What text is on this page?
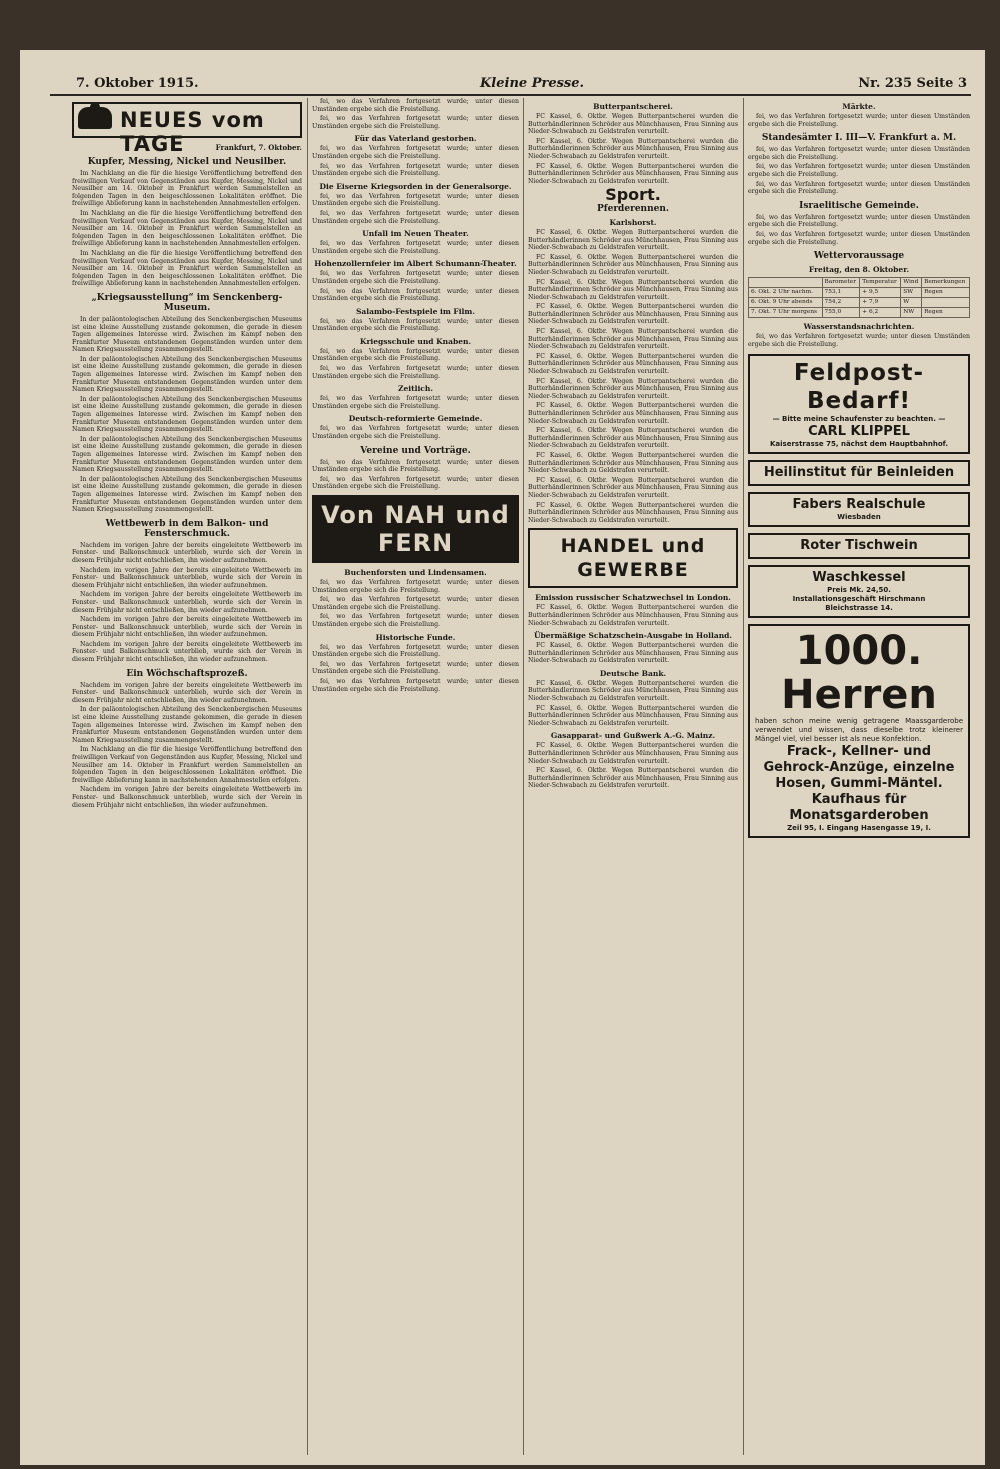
7. Oktober 1915.	Kleine Presse.	Nr. 235 Seite 3
NEUES vom TAGE	Frankfurt, 7. Oktober.
Kupfer, Messing, Nickel und Neusilber.

Im Nachklang an die für die hiesige Veröffentlichung betreffend den freiwilligen Verkauf von Gegenständen aus Kupfer, Messing, Nickel und Neusilber am 14. Oktober in Frankfurt werden Sammelstellen an folgenden Tagen in den beigeschlossenen Lokalitäten eröffnet. Die freiwillige Ablieferung kann in nachstehenden Annahmestellen erfolgen.

Im Nachklang an die für die hiesige Veröffentlichung betreffend den freiwilligen Verkauf von Gegenständen aus Kupfer, Messing, Nickel und Neusilber am 14. Oktober in Frankfurt werden Sammelstellen an folgenden Tagen in den beigeschlossenen Lokalitäten eröffnet. Die freiwillige Ablieferung kann in nachstehenden Annahmestellen erfolgen.

Im Nachklang an die für die hiesige Veröffentlichung betreffend den freiwilligen Verkauf von Gegenständen aus Kupfer, Messing, Nickel und Neusilber am 14. Oktober in Frankfurt werden Sammelstellen an folgenden Tagen in den beigeschlossenen Lokalitäten eröffnet. Die freiwillige Ablieferung kann in nachstehenden Annahmestellen erfolgen.

„Kriegsausstellung“ im Senckenberg-Museum.

In der paläontologischen Abteilung des Senckenbergischen Museums ist eine kleine Ausstellung zustande gekommen, die gerade in diesen Tagen allgemeines Interesse wird. Zwischen im Kampf neben den Frankfurter Museum entstandenen Gegenständen wurden unter dem Namen Kriegsausstellung zusammengestellt.

In der paläontologischen Abteilung des Senckenbergischen Museums ist eine kleine Ausstellung zustande gekommen, die gerade in diesen Tagen allgemeines Interesse wird. Zwischen im Kampf neben den Frankfurter Museum entstandenen Gegenständen wurden unter dem Namen Kriegsausstellung zusammengestellt.

In der paläontologischen Abteilung des Senckenbergischen Museums ist eine kleine Ausstellung zustande gekommen, die gerade in diesen Tagen allgemeines Interesse wird. Zwischen im Kampf neben den Frankfurter Museum entstandenen Gegenständen wurden unter dem Namen Kriegsausstellung zusammengestellt.

In der paläontologischen Abteilung des Senckenbergischen Museums ist eine kleine Ausstellung zustande gekommen, die gerade in diesen Tagen allgemeines Interesse wird. Zwischen im Kampf neben den Frankfurter Museum entstandenen Gegenständen wurden unter dem Namen Kriegsausstellung zusammengestellt.

In der paläontologischen Abteilung des Senckenbergischen Museums ist eine kleine Ausstellung zustande gekommen, die gerade in diesen Tagen allgemeines Interesse wird. Zwischen im Kampf neben den Frankfurter Museum entstandenen Gegenständen wurden unter dem Namen Kriegsausstellung zusammengestellt.

Wettbewerb in dem Balkon- und Fensterschmuck.

Nachdem im vorigen Jahre der bereits eingeleitete Wettbewerb im Fenster- und Balkonschmuck unterblieb, wurde sich der Verein in diesem Frühjahr nicht entschließen, ihn wieder aufzunehmen.

Nachdem im vorigen Jahre der bereits eingeleitete Wettbewerb im Fenster- und Balkonschmuck unterblieb, wurde sich der Verein in diesem Frühjahr nicht entschließen, ihn wieder aufzunehmen.

Nachdem im vorigen Jahre der bereits eingeleitete Wettbewerb im Fenster- und Balkonschmuck unterblieb, wurde sich der Verein in diesem Frühjahr nicht entschließen, ihn wieder aufzunehmen.

Nachdem im vorigen Jahre der bereits eingeleitete Wettbewerb im Fenster- und Balkonschmuck unterblieb, wurde sich der Verein in diesem Frühjahr nicht entschließen, ihn wieder aufzunehmen.

Nachdem im vorigen Jahre der bereits eingeleitete Wettbewerb im Fenster- und Balkonschmuck unterblieb, wurde sich der Verein in diesem Frühjahr nicht entschließen, ihn wieder aufzunehmen.

Ein Wöchschaftsprozeß.

Nachdem im vorigen Jahre der bereits eingeleitete Wettbewerb im Fenster- und Balkonschmuck unterblieb, wurde sich der Verein in diesem Frühjahr nicht entschließen, ihn wieder aufzunehmen.

In der paläontologischen Abteilung des Senckenbergischen Museums ist eine kleine Ausstellung zustande gekommen, die gerade in diesen Tagen allgemeines Interesse wird. Zwischen im Kampf neben den Frankfurter Museum entstandenen Gegenständen wurden unter dem Namen Kriegsausstellung zusammengestellt.

Im Nachklang an die für die hiesige Veröffentlichung betreffend den freiwilligen Verkauf von Gegenständen aus Kupfer, Messing, Nickel und Neusilber am 14. Oktober in Frankfurt werden Sammelstellen an folgenden Tagen in den beigeschlossenen Lokalitäten eröffnet. Die freiwillige Ablieferung kann in nachstehenden Annahmestellen erfolgen.

Nachdem im vorigen Jahre der bereits eingeleitete Wettbewerb im Fenster- und Balkonschmuck unterblieb, wurde sich der Verein in diesem Frühjahr nicht entschließen, ihn wieder aufzunehmen.

fei, wo das Verfahren fortgesetzt wurde; unter diesen Umständen ergebe sich die Freistellung.

fei, wo das Verfahren fortgesetzt wurde; unter diesen Umständen ergebe sich die Freistellung.

Für das Vaterland gestorben.

fei, wo das Verfahren fortgesetzt wurde; unter diesen Umständen ergebe sich die Freistellung.

fei, wo das Verfahren fortgesetzt wurde; unter diesen Umständen ergebe sich die Freistellung.

Die Eiserne Kriegsorden in der Generalsorge.

fei, wo das Verfahren fortgesetzt wurde; unter diesen Umständen ergebe sich die Freistellung.

fei, wo das Verfahren fortgesetzt wurde; unter diesen Umständen ergebe sich die Freistellung.

Unfall im Neuen Theater.

fei, wo das Verfahren fortgesetzt wurde; unter diesen Umständen ergebe sich die Freistellung.

Hohenzollernfeier im Albert Schumann-Theater.

fei, wo das Verfahren fortgesetzt wurde; unter diesen Umständen ergebe sich die Freistellung.

fei, wo das Verfahren fortgesetzt wurde; unter diesen Umständen ergebe sich die Freistellung.

Salambo-Festspiele im Film.

fei, wo das Verfahren fortgesetzt wurde; unter diesen Umständen ergebe sich die Freistellung.

Kriegsschule und Knaben.

fei, wo das Verfahren fortgesetzt wurde; unter diesen Umständen ergebe sich die Freistellung.

fei, wo das Verfahren fortgesetzt wurde; unter diesen Umständen ergebe sich die Freistellung.

Zeitlich.

fei, wo das Verfahren fortgesetzt wurde; unter diesen Umständen ergebe sich die Freistellung.

Deutsch-reformierte Gemeinde.

fei, wo das Verfahren fortgesetzt wurde; unter diesen Umständen ergebe sich die Freistellung.

Vereine und Vorträge.

fei, wo das Verfahren fortgesetzt wurde; unter diesen Umständen ergebe sich die Freistellung.

fei, wo das Verfahren fortgesetzt wurde; unter diesen Umständen ergebe sich die Freistellung.

Von NAH und FERN
Buchenforsten und Lindensamen.

fei, wo das Verfahren fortgesetzt wurde; unter diesen Umständen ergebe sich die Freistellung.

fei, wo das Verfahren fortgesetzt wurde; unter diesen Umständen ergebe sich die Freistellung.

fei, wo das Verfahren fortgesetzt wurde; unter diesen Umständen ergebe sich die Freistellung.

Historische Funde.

fei, wo das Verfahren fortgesetzt wurde; unter diesen Umständen ergebe sich die Freistellung.

fei, wo das Verfahren fortgesetzt wurde; unter diesen Umständen ergebe sich die Freistellung.

fei, wo das Verfahren fortgesetzt wurde; unter diesen Umständen ergebe sich die Freistellung.

Butterpantscherei.

FC Kassel, 6. Oktbr. Wegen Butterpantscherei wurden die Butterhändlerinnen Schröder aus Münchhausen, Frau Sinning aus Nieder-Schwabach zu Geldstrafen verurteilt.

FC Kassel, 6. Oktbr. Wegen Butterpantscherei wurden die Butterhändlerinnen Schröder aus Münchhausen, Frau Sinning aus Nieder-Schwabach zu Geldstrafen verurteilt.

FC Kassel, 6. Oktbr. Wegen Butterpantscherei wurden die Butterhändlerinnen Schröder aus Münchhausen, Frau Sinning aus Nieder-Schwabach zu Geldstrafen verurteilt.

Sport.
Pferderennen.
Karlshorst.

FC Kassel, 6. Oktbr. Wegen Butterpantscherei wurden die Butterhändlerinnen Schröder aus Münchhausen, Frau Sinning aus Nieder-Schwabach zu Geldstrafen verurteilt.

FC Kassel, 6. Oktbr. Wegen Butterpantscherei wurden die Butterhändlerinnen Schröder aus Münchhausen, Frau Sinning aus Nieder-Schwabach zu Geldstrafen verurteilt.

FC Kassel, 6. Oktbr. Wegen Butterpantscherei wurden die Butterhändlerinnen Schröder aus Münchhausen, Frau Sinning aus Nieder-Schwabach zu Geldstrafen verurteilt.

FC Kassel, 6. Oktbr. Wegen Butterpantscherei wurden die Butterhändlerinnen Schröder aus Münchhausen, Frau Sinning aus Nieder-Schwabach zu Geldstrafen verurteilt.

FC Kassel, 6. Oktbr. Wegen Butterpantscherei wurden die Butterhändlerinnen Schröder aus Münchhausen, Frau Sinning aus Nieder-Schwabach zu Geldstrafen verurteilt.

FC Kassel, 6. Oktbr. Wegen Butterpantscherei wurden die Butterhändlerinnen Schröder aus Münchhausen, Frau Sinning aus Nieder-Schwabach zu Geldstrafen verurteilt.

FC Kassel, 6. Oktbr. Wegen Butterpantscherei wurden die Butterhändlerinnen Schröder aus Münchhausen, Frau Sinning aus Nieder-Schwabach zu Geldstrafen verurteilt.

FC Kassel, 6. Oktbr. Wegen Butterpantscherei wurden die Butterhändlerinnen Schröder aus Münchhausen, Frau Sinning aus Nieder-Schwabach zu Geldstrafen verurteilt.

FC Kassel, 6. Oktbr. Wegen Butterpantscherei wurden die Butterhändlerinnen Schröder aus Münchhausen, Frau Sinning aus Nieder-Schwabach zu Geldstrafen verurteilt.

FC Kassel, 6. Oktbr. Wegen Butterpantscherei wurden die Butterhändlerinnen Schröder aus Münchhausen, Frau Sinning aus Nieder-Schwabach zu Geldstrafen verurteilt.

FC Kassel, 6. Oktbr. Wegen Butterpantscherei wurden die Butterhändlerinnen Schröder aus Münchhausen, Frau Sinning aus Nieder-Schwabach zu Geldstrafen verurteilt.

FC Kassel, 6. Oktbr. Wegen Butterpantscherei wurden die Butterhändlerinnen Schröder aus Münchhausen, Frau Sinning aus Nieder-Schwabach zu Geldstrafen verurteilt.

HANDEL und GEWERBE
Emission russischer Schatzwechsel in London.

FC Kassel, 6. Oktbr. Wegen Butterpantscherei wurden die Butterhändlerinnen Schröder aus Münchhausen, Frau Sinning aus Nieder-Schwabach zu Geldstrafen verurteilt.

Übermäßige Schatzschein-Ausgabe in Holland.

FC Kassel, 6. Oktbr. Wegen Butterpantscherei wurden die Butterhändlerinnen Schröder aus Münchhausen, Frau Sinning aus Nieder-Schwabach zu Geldstrafen verurteilt.

Deutsche Bank.

FC Kassel, 6. Oktbr. Wegen Butterpantscherei wurden die Butterhändlerinnen Schröder aus Münchhausen, Frau Sinning aus Nieder-Schwabach zu Geldstrafen verurteilt.

FC Kassel, 6. Oktbr. Wegen Butterpantscherei wurden die Butterhändlerinnen Schröder aus Münchhausen, Frau Sinning aus Nieder-Schwabach zu Geldstrafen verurteilt.

Gasapparat- und Gußwerk A.-G. Mainz.

FC Kassel, 6. Oktbr. Wegen Butterpantscherei wurden die Butterhändlerinnen Schröder aus Münchhausen, Frau Sinning aus Nieder-Schwabach zu Geldstrafen verurteilt.

FC Kassel, 6. Oktbr. Wegen Butterpantscherei wurden die Butterhändlerinnen Schröder aus Münchhausen, Frau Sinning aus Nieder-Schwabach zu Geldstrafen verurteilt.

Märkte.

fei, wo das Verfahren fortgesetzt wurde; unter diesen Umständen ergebe sich die Freistellung.

Standesämter I. III—V. Frankfurt a. M.

fei, wo das Verfahren fortgesetzt wurde; unter diesen Umständen ergebe sich die Freistellung.

fei, wo das Verfahren fortgesetzt wurde; unter diesen Umständen ergebe sich die Freistellung.

fei, wo das Verfahren fortgesetzt wurde; unter diesen Umständen ergebe sich die Freistellung.

Israelitische Gemeinde.

fei, wo das Verfahren fortgesetzt wurde; unter diesen Umständen ergebe sich die Freistellung.

fei, wo das Verfahren fortgesetzt wurde; unter diesen Umständen ergebe sich die Freistellung.

Wettervoraussage
Freitag, den 8. Oktober.
	Barometer	Temperatur	Wind	Bemerkungen
6. Okt. 2 Uhr nachm.	753,1	+ 9,5	SW	Regen
6. Okt. 9 Uhr abends	754,2	+ 7,9	W	
7. Okt. 7 Uhr morgens	755,0	+ 6,2	NW	Regen
Wasserstandsnachrichten.

fei, wo das Verfahren fortgesetzt wurde; unter diesen Umständen ergebe sich die Freistellung.

Feldpost-Bedarf!
— Bitte meine Schaufenster zu beachten. —
CARL KLIPPEL
Kaiserstrasse 75, nächst dem Hauptbahnhof.
Heilinstitut für Beinleiden
Fabers Realschule
Wiesbaden
Roter Tischwein
Waschkessel
Preis Mk. 24,50.
Installationsgeschäft Hirschmann
Bleichstrasse 14.
1000.
Herren
haben schon meine wenig getragene Maassgarderobe verwendet und wissen, dass dieselbe trotz kleinerer Mängel viel, viel besser ist als neue Konfektion.
Frack-, Kellner- und Gehrock-Anzüge, einzelne Hosen, Gummi-Mäntel.
Kaufhaus für Monatsgarderoben
Zeil 95, I. Eingang Hasengasse 19, I.
